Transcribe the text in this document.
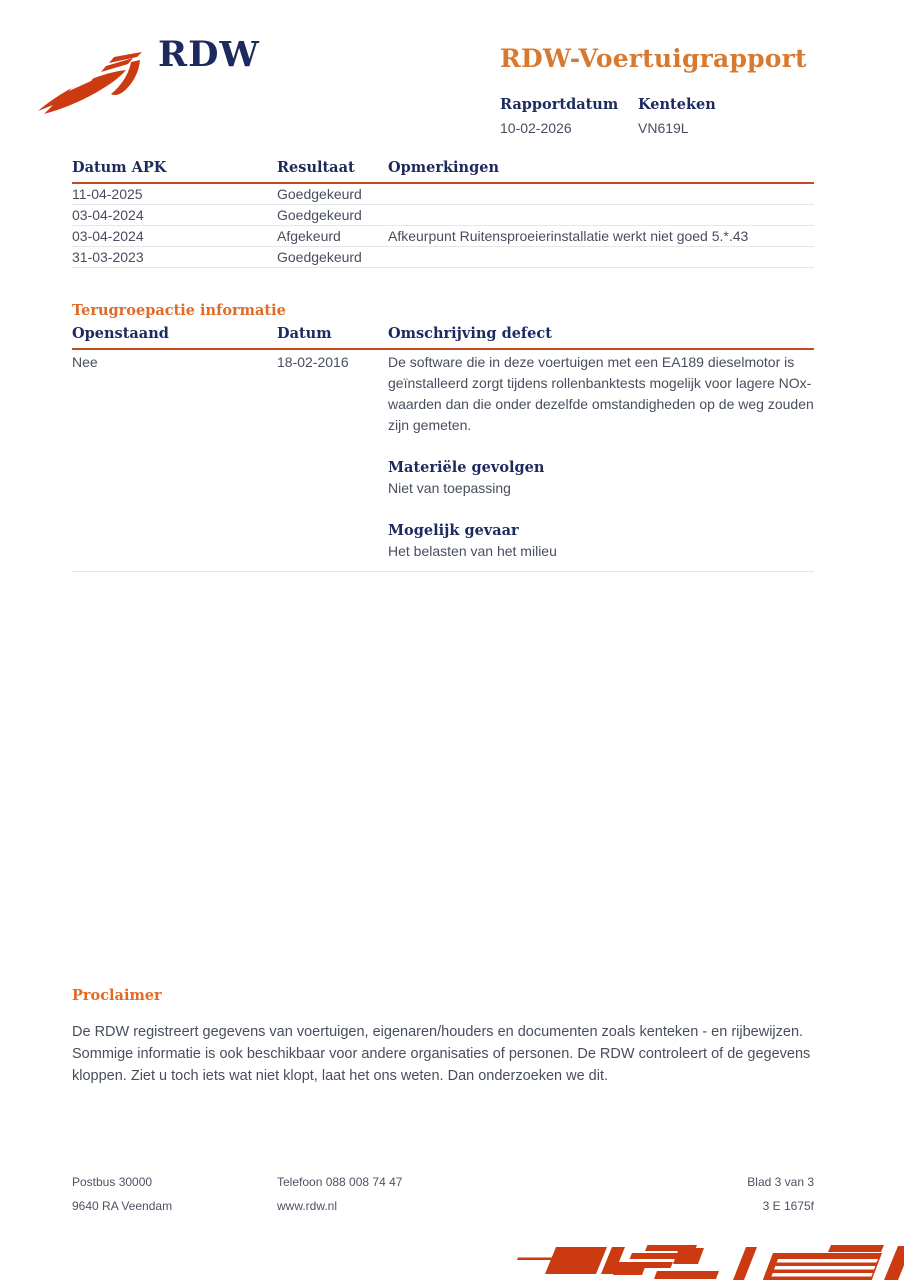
RDW	RDW-Voertuigrapport
Rapportdatum
10-02-2026
Kenteken
VN619L
Datum APK	Resultaat	Opmerkingen
11-04-2025	Goedgekeurd
03-04-2024	Goedgekeurd
03-04-2024	Afgekeurd	Afkeurpunt Ruitensproeierinstallatie werkt niet goed 5.*.43
31-03-2023	Goedgekeurd
Terugroepactie informatie
Openstaand	Datum	Omschrijving defect
Nee	18-02-2016	De software die in deze voertuigen met een EA189 dieselmotor is geïnstalleerd zorgt tijdens rollenbanktests mogelijk voor lagere NOx-waarden dan die onder dezelfde omstandigheden op de weg zouden zijn gemeten.
Materiële gevolgen
Niet van toepassing
Mogelijk gevaar
Het belasten van het milieu
Proclaimer
De RDW registreert gegevens van voertuigen, eigenaren/houders en documenten zoals kenteken - en rijbewijzen. Sommige informatie is ook beschikbaar voor andere organisaties of personen. De RDW controleert of de gegevens kloppen. Ziet u toch iets wat niet klopt, laat het ons weten. Dan onderzoeken we dit.
Postbus 30000
9640 RA Veendam
Telefoon 088 008 74 47
www.rdw.nl
Blad 3 van 3
3 E 1675f
